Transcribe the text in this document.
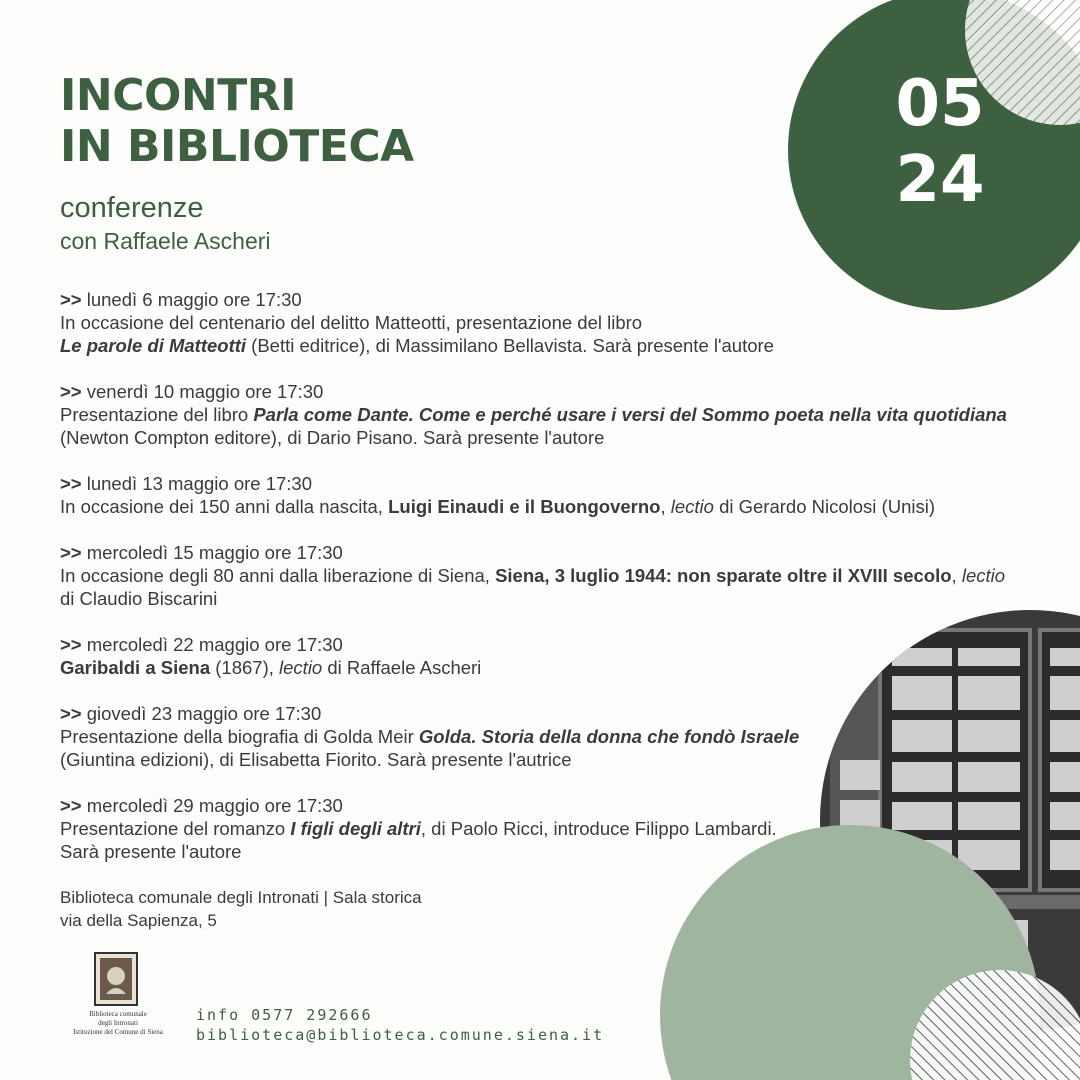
INCONTRI
IN BIBLIOTECA
conferenze
con Raffaele Ascheri
05
24
>> lunedì 6 maggio ore 17:30
In occasione del centenario del delitto Matteotti, presentazione del libro
Le parole di Matteotti (Betti editrice), di Massimilano Bellavista. Sarà presente l'autore
>> venerdì 10 maggio ore 17:30
Presentazione del libro Parla come Dante. Come e perché usare i versi del Sommo poeta nella vita quotidiana (Newton Compton editore), di Dario Pisano. Sarà presente l'autore
>> lunedì 13 maggio ore 17:30
In occasione dei 150 anni dalla nascita, Luigi Einaudi e il Buongoverno, lectio di Gerardo Nicolosi (Unisi)
>> mercoledì 15 maggio ore 17:30
In occasione degli 80 anni dalla liberazione di Siena, Siena, 3 luglio 1944: non sparate oltre il XVIII secolo, lectio di Claudio Biscarini
>> mercoledì 22 maggio ore 17:30
Garibaldi a Siena (1867), lectio di Raffaele Ascheri
>> giovedì 23 maggio ore 17:30
Presentazione della biografia di Golda Meir Golda. Storia della donna che fondò Israele (Giuntina edizioni), di Elisabetta Fiorito. Sarà presente l'autrice
>> mercoledì 29 maggio ore 17:30
Presentazione del romanzo I figli degli altri, di Paolo Ricci, introduce Filippo Lambardi. Sarà presente l'autore
Biblioteca comunale degli Intronati | Sala storica
via della Sapienza, 5
Biblioteca comunale
degli Intronati
Istituzione del Comune di Siena
info 0577 292666
biblioteca@biblioteca.comune.siena.it
